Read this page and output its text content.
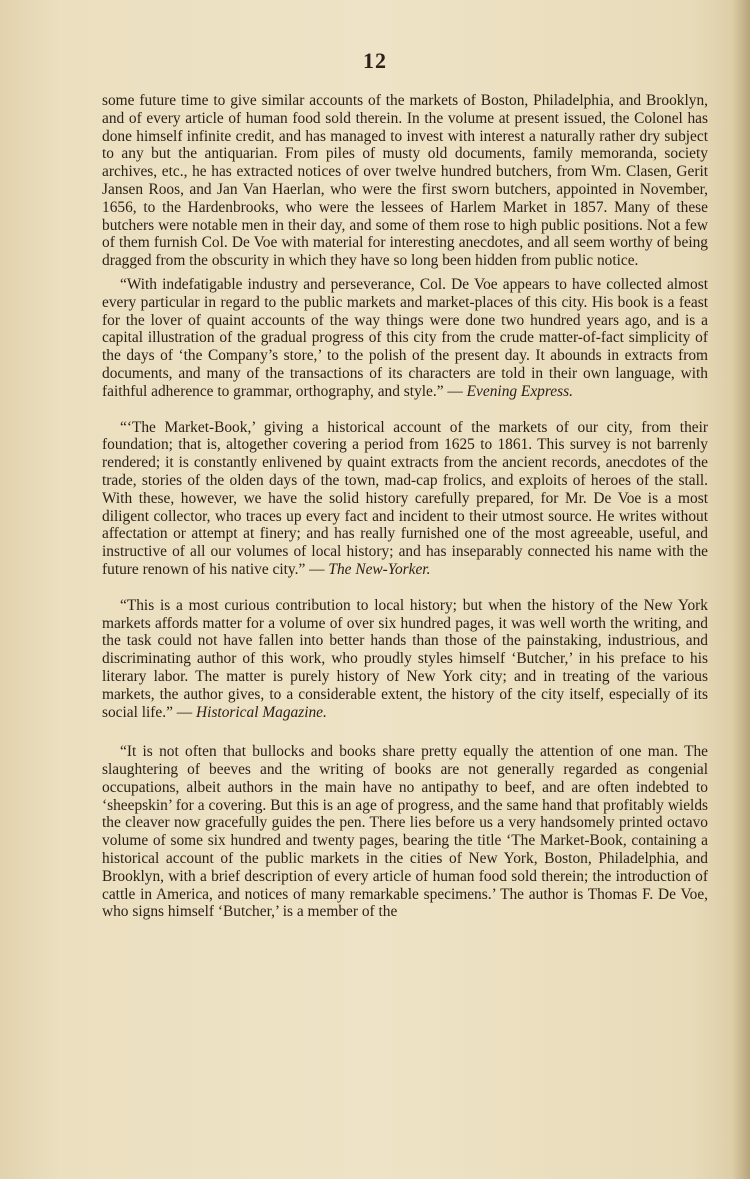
12

some future time to give similar accounts of the markets of Boston, Philadelphia, and Brooklyn, and of every article of human food sold therein. In the volume at present issued, the Colonel has done himself infinite credit, and has managed to invest with interest a naturally rather dry subject to any but the antiquarian. From piles of musty old documents, family memoranda, society archives, etc., he has extracted notices of over twelve hundred butchers, from Wm. Clasen, Gerit Jansen Roos, and Jan Van Haerlan, who were the first sworn butchers, appointed in November, 1656, to the Hardenbrooks, who were the lessees of Harlem Market in 1857. Many of these butchers were notable men in their day, and some of them rose to high public positions. Not a few of them furnish Col. De Voe with material for interesting anecdotes, and all seem worthy of being dragged from the obscurity in which they have so long been hidden from public notice.

“With indefatigable industry and perseverance, Col. De Voe appears to have collected almost every particular in regard to the public markets and market-places of this city. His book is a feast for the lover of quaint accounts of the way things were done two hundred years ago, and is a capital illustration of the gradual progress of this city from the crude matter-of-fact simplicity of the days of ‘the Company’s store,’ to the polish of the present day. It abounds in extracts from documents, and many of the transactions of its characters are told in their own language, with faithful adherence to grammar, orthography, and style.” — Evening Express.

“‘The Market-Book,’ giving a historical account of the markets of our city, from their foundation; that is, altogether covering a period from 1625 to 1861. This survey is not barrenly rendered; it is constantly enlivened by quaint extracts from the ancient records, anecdotes of the trade, stories of the olden days of the town, mad-cap frolics, and exploits of heroes of the stall. With these, however, we have the solid history carefully prepared, for Mr. De Voe is a most diligent collector, who traces up every fact and incident to their utmost source. He writes without affectation or attempt at finery; and has really furnished one of the most agreeable, useful, and instructive of all our volumes of local history; and has inseparably connected his name with the future renown of his native city.” — The New-Yorker.

“This is a most curious contribution to local history; but when the history of the New York markets affords matter for a volume of over six hundred pages, it was well worth the writing, and the task could not have fallen into better hands than those of the painstaking, industrious, and discriminating author of this work, who proudly styles himself ‘Butcher,’ in his preface to his literary labor. The matter is purely history of New York city; and in treating of the various markets, the author gives, to a considerable extent, the history of the city itself, especially of its social life.” — Historical Magazine.

“It is not often that bullocks and books share pretty equally the attention of one man. The slaughtering of beeves and the writing of books are not generally regarded as congenial occupations, albeit authors in the main have no antipathy to beef, and are often indebted to ‘sheepskin’ for a covering. But this is an age of progress, and the same hand that profitably wields the cleaver now gracefully guides the pen. There lies before us a very handsomely printed octavo volume of some six hundred and twenty pages, bearing the title ‘The Market-Book, containing a historical account of the public markets in the cities of New York, Boston, Philadelphia, and Brooklyn, with a brief description of every article of human food sold therein; the introduction of cattle in America, and notices of many remarkable specimens.’ The author is Thomas F. De Voe, who signs himself ‘Butcher,’ is a member of the
